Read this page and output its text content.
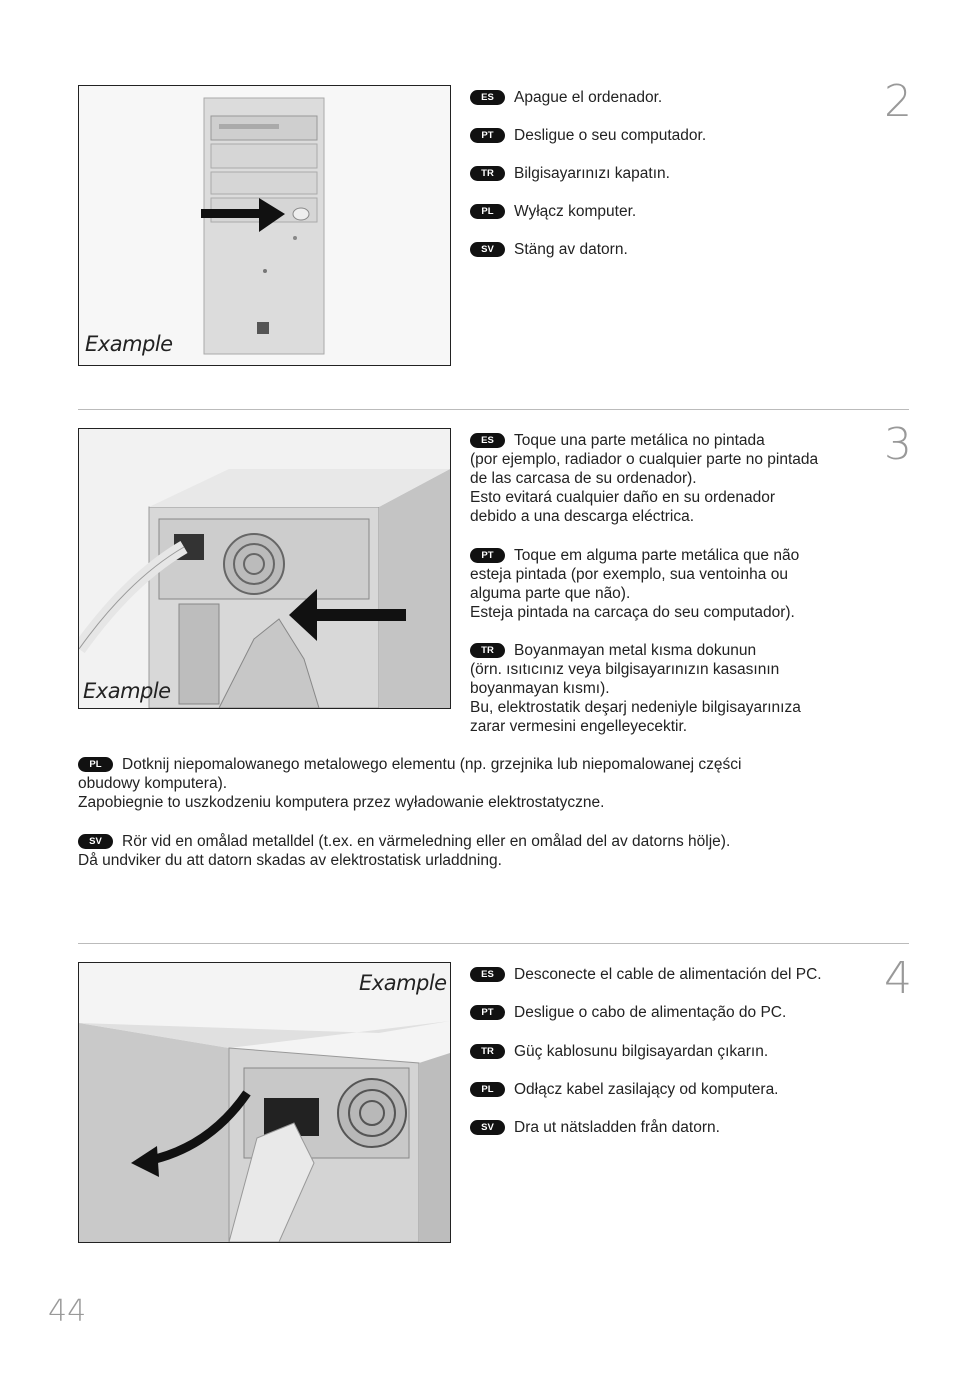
Example
ES Apague el ordenador.
PT Desligue o seu computador.
TR Bilgisayarınızı kapatın.
PL Wyłącz komputer.
SV Stäng av datorn.
2
Example
ES Toque una parte metálica no pintada
(por ejemplo, radiador o cualquier parte no pintada
de las carcasa de su ordenador).
Esto evitará cualquier daño en su ordenador
debido a una descarga eléctrica.
PT Toque em alguma parte metálica que não
esteja pintada (por exemplo, sua ventoinha ou
alguma parte que não).
Esteja pintada na carcaça do seu computador).
TR Boyanmayan metal kısma dokunun
(örn. ısıtıcınız veya bilgisayarınızın kasasının
boyanmayan kısmı).
Bu, elektrostatik deşarj nedeniyle bilgisayarınıza
zarar vermesini engelleyecektir.
3
PL Dotknij niepomalowanego metalowego elementu (np. grzejnika lub niepomalowanej części
obudowy komputera).
Zapobiegnie to uszkodzeniu komputera przez wyładowanie elektrostatyczne.
SV Rör vid en omålad metalldel (t.ex. en värmeledning eller en omålad del av datorns hölje).
Då undviker du att datorn skadas av elektrostatisk urladdning.
Example	ES Desconecte el cable de alimentación del PC.
PT Desligue o cabo de alimentação do PC.
TR Güç kablosunu bilgisayardan çıkarın.
PL Odłącz kabel zasilający od komputera.
SV Dra ut nätsladden från datorn.
4
44
